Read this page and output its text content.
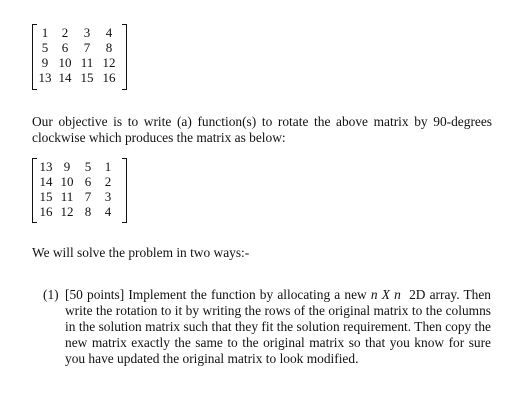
1	2	3	4
5	6	7	8
9	10	11	12
13	14	15	16

Our objective is to write (a) function(s) to rotate the above matrix by 90-degrees clockwise which produces the matrix as below:

13	9	5	1
14	10	6	2
15	11	7	3
16	12	8	4

We will solve the problem in two ways:-

(1) [50 points] Implement the function by allocating a new n X n 2D array. Then write the rotation to it by writing the rows of the original matrix to the columns in the solution matrix such that they fit the solution requirement. Then copy the new matrix exactly the same to the original matrix so that you know for sure you have updated the original matrix to look modified.
